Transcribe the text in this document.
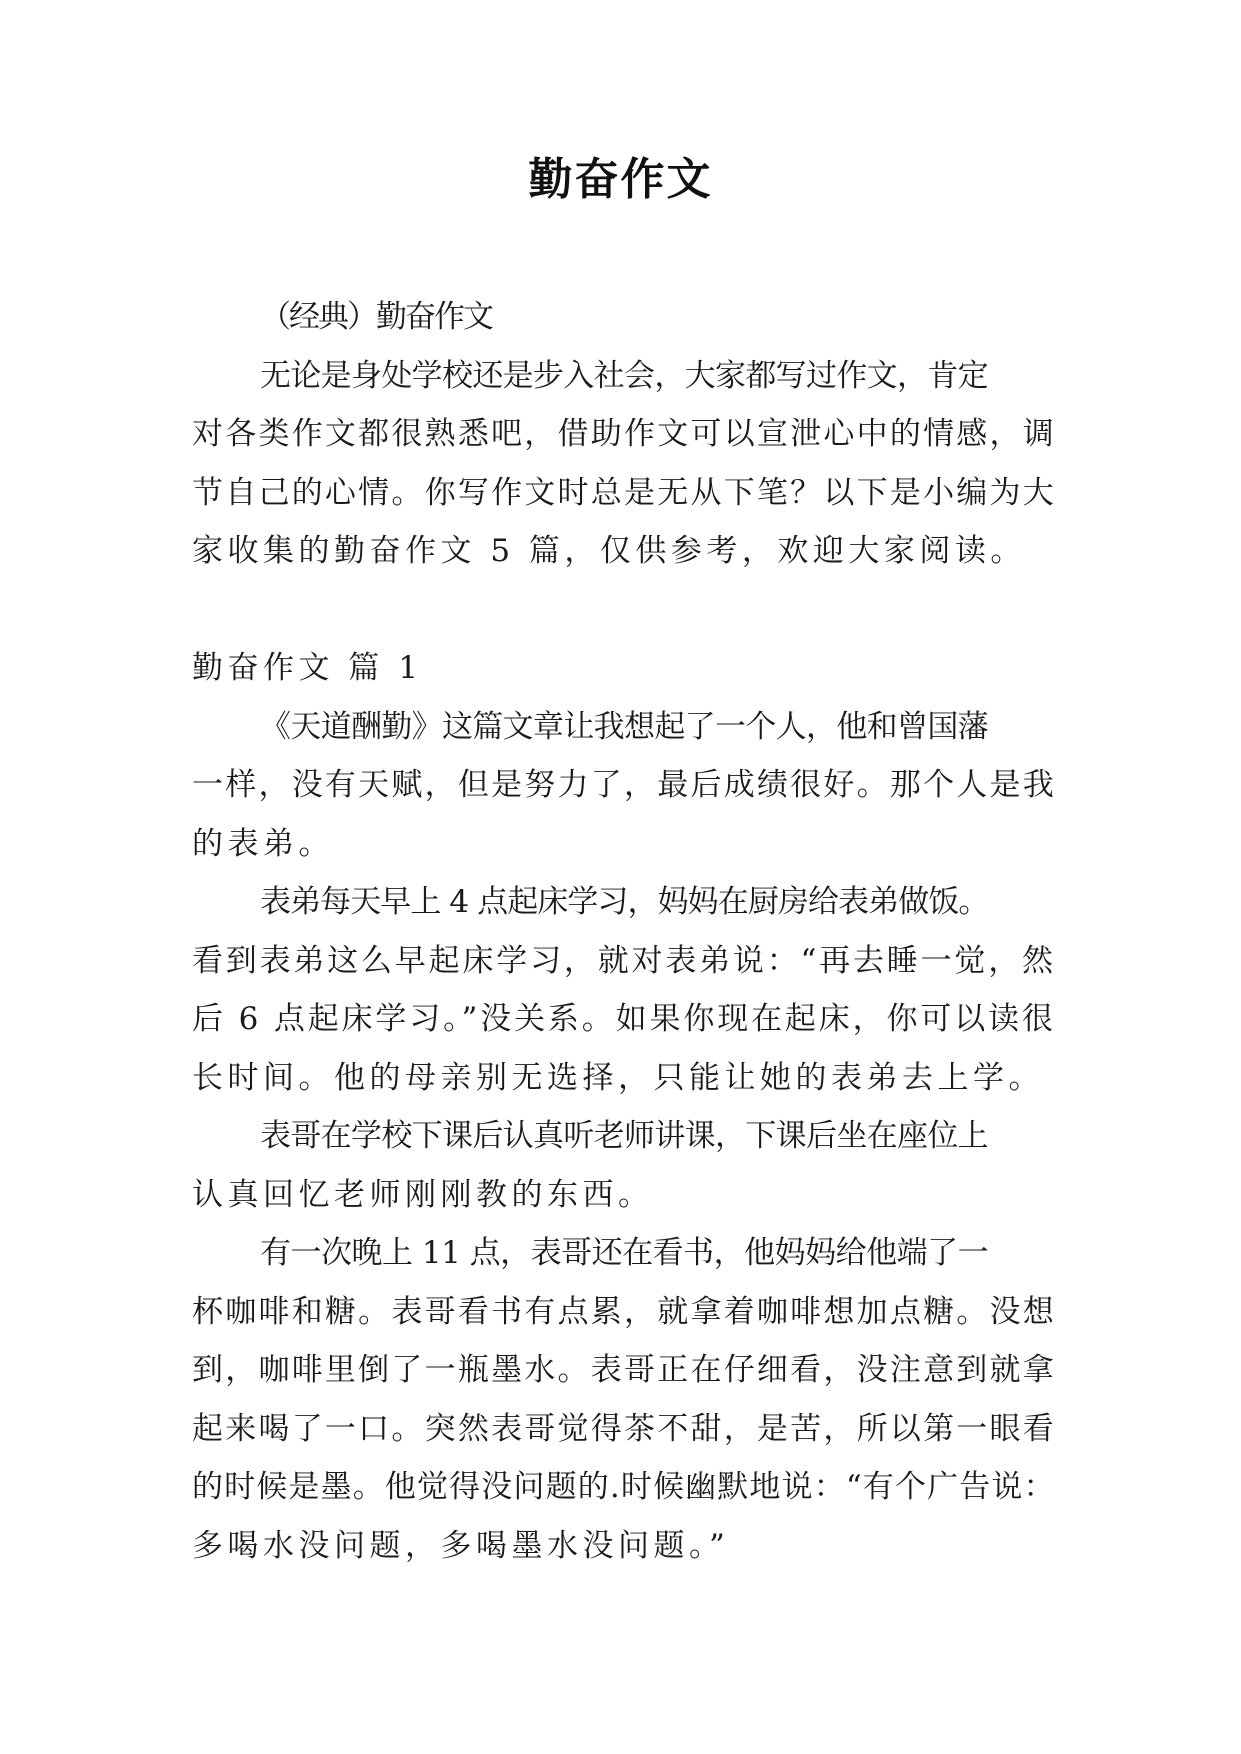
勤奋作文
（经典）勤奋作文
无论是身处学校还是步入社会，大家都写过作文，肯定
对各类作文都很熟悉吧，借助作文可以宣泄心中的情感，调
节自己的心情。你写作文时总是无从下笔？以下是小编为大
家收集的勤奋作文 5 篇，仅供参考，欢迎大家阅读。
勤奋作文 篇 1
《天道酬勤》这篇文章让我想起了一个人，他和曾国藩
一样，没有天赋，但是努力了，最后成绩很好。那个人是我
的表弟。
表弟每天早上 4 点起床学习，妈妈在厨房给表弟做饭。
看到表弟这么早起床学习，就对表弟说：“再去睡一觉，然
后 6 点起床学习。”没关系。如果你现在起床，你可以读很
长时间。他的母亲别无选择，只能让她的表弟去上学。
表哥在学校下课后认真听老师讲课，下课后坐在座位上
认真回忆老师刚刚教的东西。
有一次晚上 11 点，表哥还在看书，他妈妈给他端了一
杯咖啡和糖。表哥看书有点累，就拿着咖啡想加点糖。没想
到，咖啡里倒了一瓶墨水。表哥正在仔细看，没注意到就拿
起来喝了一口。突然表哥觉得茶不甜，是苦，所以第一眼看
的时候是墨。他觉得没问题的.时候幽默地说：“有个广告说：
多喝水没问题，多喝墨水没问题。”
